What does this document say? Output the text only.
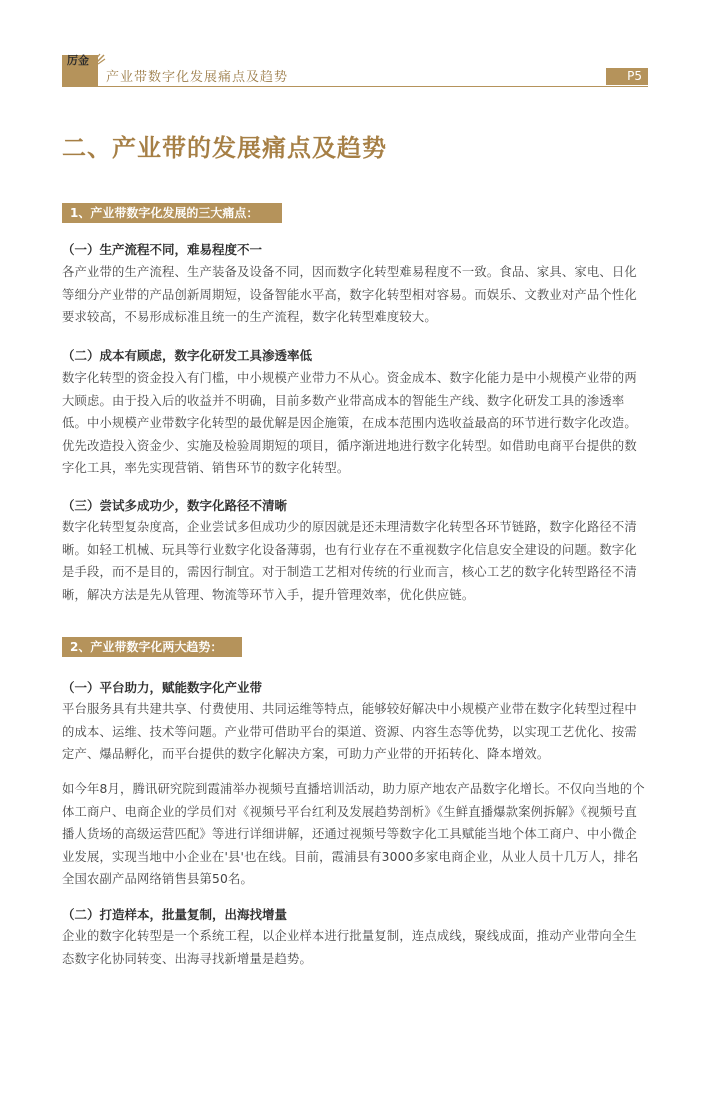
厉金
产业带数字化发展痛点及趋势	P5
二、产业带的发展痛点及趋势
1、产业带数字化发展的三大痛点：
（一）生产流程不同，难易程度不一
各产业带的生产流程、生产装备及设备不同，因而数字化转型难易程度不一致。食品、家具、家电、日化等细分产业带的产品创新周期短，设备智能水平高，数字化转型相对容易。而娱乐、文教业对产品个性化要求较高，不易形成标准且统一的生产流程，数字化转型难度较大。
（二）成本有顾虑，数字化研发工具渗透率低
数字化转型的资金投入有门槛，中小规模产业带力不从心。资金成本、数字化能力是中小规模产业带的两大顾虑。由于投入后的收益并不明确，目前多数产业带高成本的智能生产线、数字化研发工具的渗透率低。中小规模产业带数字化转型的最优解是因企施策，在成本范围内选收益最高的环节进行数字化改造。优先改造投入资金少、实施及检验周期短的项目，循序渐进地进行数字化转型。如借助电商平台提供的数字化工具，率先实现营销、销售环节的数字化转型。
（三）尝试多成功少，数字化路径不清晰
数字化转型复杂度高，企业尝试多但成功少的原因就是还未理清数字化转型各环节链路，数字化路径不清晰。如轻工机械、玩具等行业数字化设备薄弱，也有行业存在不重视数字化信息安全建设的问题。数字化是手段，而不是目的，需因行制宜。对于制造工艺相对传统的行业而言，核心工艺的数字化转型路径不清晰，解决方法是先从管理、物流等环节入手，提升管理效率，优化供应链。
2、产业带数字化两大趋势：
（一）平台助力，赋能数字化产业带
平台服务具有共建共享、付费使用、共同运维等特点，能够较好解决中小规模产业带在数字化转型过程中的成本、运维、技术等问题。产业带可借助平台的渠道、资源、内容生态等优势，以实现工艺优化、按需定产、爆品孵化，而平台提供的数字化解决方案，可助力产业带的开拓转化、降本增效。
如今年8月，腾讯研究院到霞浦举办视频号直播培训活动，助力原产地农产品数字化增长。不仅向当地的个体工商户、电商企业的学员们对《视频号平台红利及发展趋势剖析》《生鲜直播爆款案例拆解》《视频号直播人货场的高级运营匹配》等进行详细讲解，还通过视频号等数字化工具赋能当地个体工商户、中小微企业发展，实现当地中小企业在'县'也在线。目前，霞浦县有3000多家电商企业，从业人员十几万人，排名全国农副产品网络销售县第50名。
（二）打造样本，批量复制，出海找增量
企业的数字化转型是一个系统工程，以企业样本进行批量复制，连点成线，聚线成面，推动产业带向全生态数字化协同转变、出海寻找新增量是趋势。
